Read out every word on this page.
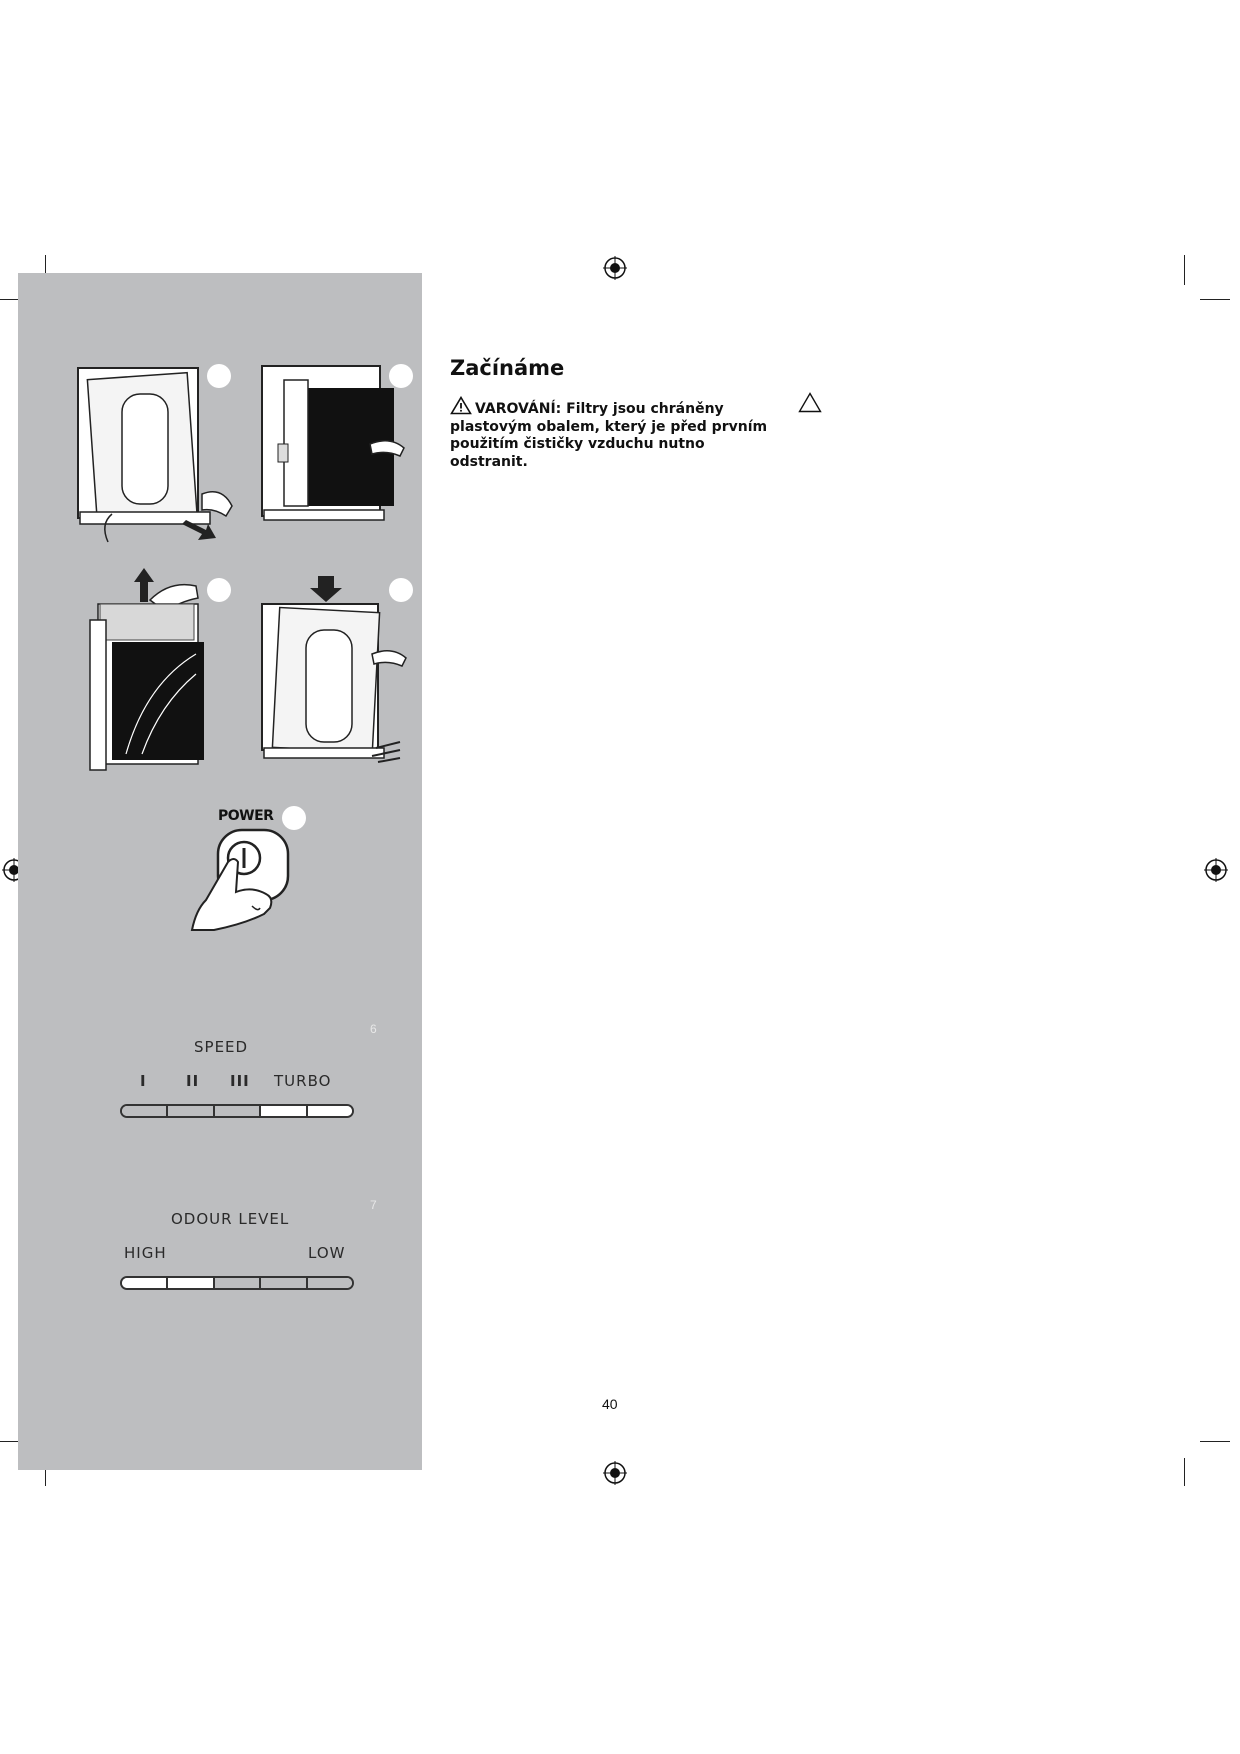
POWER
6
SPEED
I	II III TURBO
7
ODOUR LEVEL
HIGH	LOW
Začínáme
VAROVÁNÍ: Filtry jsou chráněny plastovým obalem, který je před prvním použitím čističky vzduchu nutno odstranit.
40
